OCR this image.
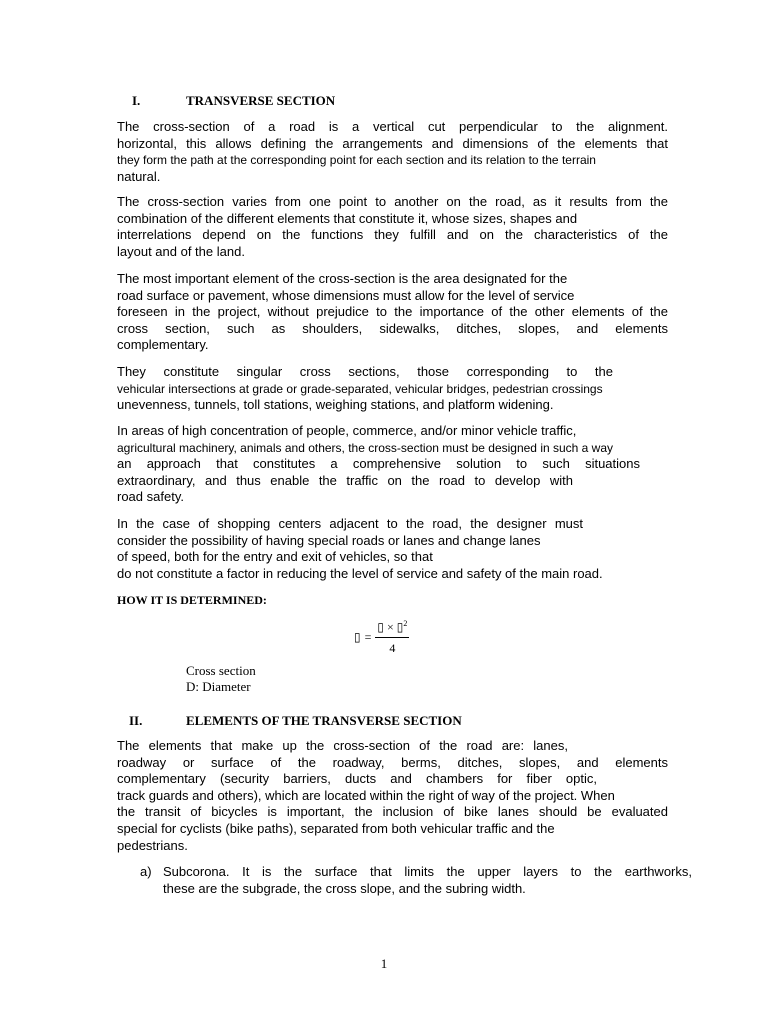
I.	TRANSVERSE SECTION
The cross-section of a road is a vertical cut perpendicular to the alignment.
horizontal, this allows defining the arrangements and dimensions of the elements that
they form the path at the corresponding point for each section and its relation to the terrain
natural.
The cross-section varies from one point to another on the road, as it results from the
combination of the different elements that constitute it, whose sizes, shapes and
interrelations depend on the functions they fulfill and on the characteristics of the
layout and of the land.
The most important element of the cross-section is the area designated for the
road surface or pavement, whose dimensions must allow for the level of service
foreseen in the project, without prejudice to the importance of the other elements of the
cross section, such as shoulders, sidewalks, ditches, slopes, and elements
complementary.
They constitute singular cross sections, those corresponding to the
vehicular intersections at grade or grade-separated, vehicular bridges, pedestrian crossings
unevenness, tunnels, toll stations, weighing stations, and platform widening.
In areas of high concentration of people, commerce, and/or minor vehicle traffic,
agricultural machinery, animals and others, the cross-section must be designed in such a way
an approach that constitutes a comprehensive solution to such situations
extraordinary, and thus enable the traffic on the road to develop with
road safety.
In the case of shopping centers adjacent to the road, the designer must
consider the possibility of having special roads or lanes and change lanes
of speed, both for the entry and exit of vehicles, so that
do not constitute a factor in reducing the level of service and safety of the main road.
HOW IT IS DETERMINED:
▯ = $\frac{▯ \times ▯^2}{4}$
Cross section
D: Diameter
II.	ELEMENTS OF THE TRANSVERSE SECTION
The elements that make up the cross-section of the road are: lanes,
roadway or surface of the roadway, berms, ditches, slopes, and elements
complementary (security barriers, ducts and chambers for fiber optic,
track guards and others), which are located within the right of way of the project. When
the transit of bicycles is important, the inclusion of bike lanes should be evaluated
special for cyclists (bike paths), separated from both vehicular traffic and the
pedestrians.
a) Subcorona. It is the surface that limits the upper layers to the earthworks,
these are the subgrade, the cross slope, and the subring width.
1
